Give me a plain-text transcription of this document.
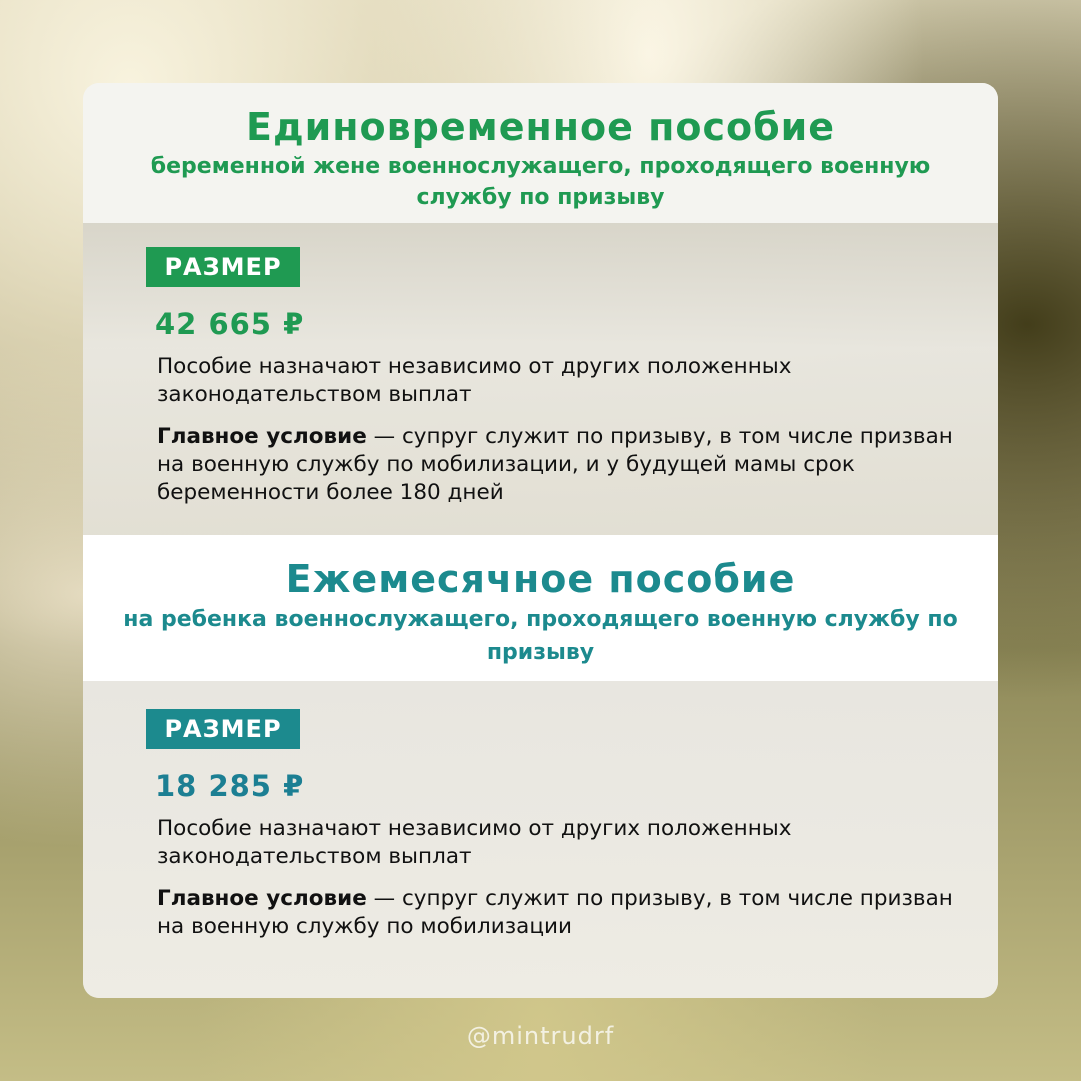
Единовременное пособие
беременной жене военнослужащего, проходящего военную службу по призыву
РАЗМЕР
42 665 ₽
Пособие назначают независимо от других положенных законодательством выплат
Главное условие — супруг служит по призыву, в том числе призван на военную службу по мобилизации, и у будущей мамы срок беременности более 180 дней
Ежемесячное пособие
на ребенка военнослужащего, проходящего военную службу по призыву
РАЗМЕР
18 285 ₽
Пособие назначают независимо от других положенных законодательством выплат
Главное условие — супруг служит по призыву, в том числе призван на военную службу по мобилизации
@mintrudrf
